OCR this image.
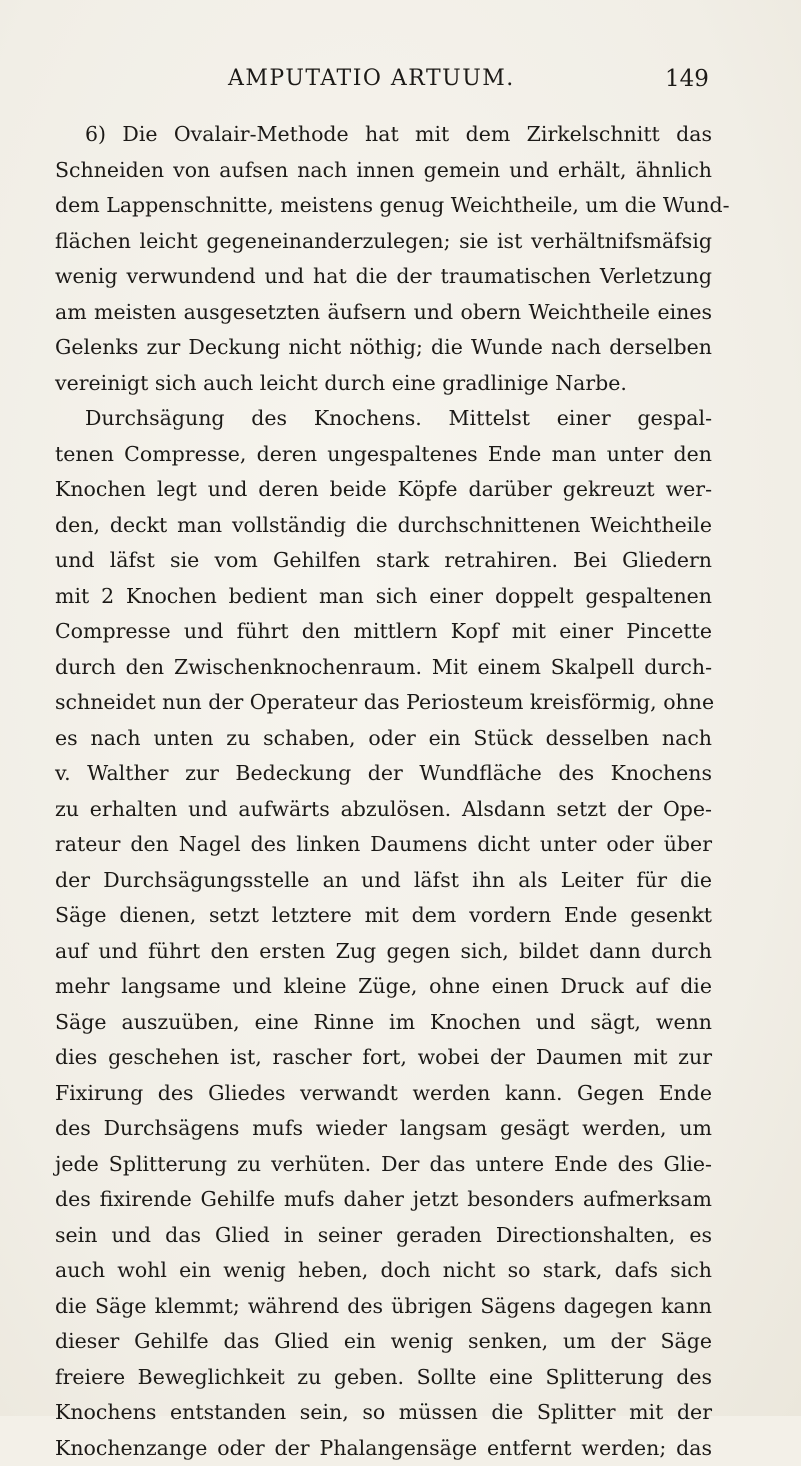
AMPUTATIO ARTUUM.	149
6) Die Ovalair-Methode hat mit dem Zirkelschnitt das
Schneiden von aufsen nach innen gemein und erhält, ähnlich
dem Lappenschnitte, meistens genug Weichtheile, um die Wund-
flächen leicht gegeneinanderzulegen; sie ist verhältnifsmäfsig
wenig verwundend und hat die der traumatischen Verletzung
am meisten ausgesetzten äufsern und obern Weichtheile eines
Gelenks zur Deckung nicht nöthig; die Wunde nach derselben
vereinigt sich auch leicht durch eine gradlinige Narbe.
Durchsägung des Knochens. Mittelst einer gespal-
tenen Compresse, deren ungespaltenes Ende man unter den
Knochen legt und deren beide Köpfe darüber gekreuzt wer-
den, deckt man vollständig die durchschnittenen Weichtheile
und läfst sie vom Gehilfen stark retrahiren. Bei Gliedern
mit 2 Knochen bedient man sich einer doppelt gespaltenen
Compresse und führt den mittlern Kopf mit einer Pincette
durch den Zwischenknochenraum. Mit einem Skalpell durch-
schneidet nun der Operateur das Periosteum kreisförmig, ohne
es nach unten zu schaben, oder ein Stück desselben nach
v. Walther zur Bedeckung der Wundfläche des Knochens
zu erhalten und aufwärts abzulösen. Alsdann setzt der Ope-
rateur den Nagel des linken Daumens dicht unter oder über
der Durchsägungsstelle an und läfst ihn als Leiter für die
Säge dienen, setzt letztere mit dem vordern Ende gesenkt
auf und führt den ersten Zug gegen sich, bildet dann durch
mehr langsame und kleine Züge, ohne einen Druck auf die
Säge auszuüben, eine Rinne im Knochen und sägt, wenn
dies geschehen ist, rascher fort, wobei der Daumen mit zur
Fixirung des Gliedes verwandt werden kann. Gegen Ende
des Durchsägens mufs wieder langsam gesägt werden, um
jede Splitterung zu verhüten. Der das untere Ende des Glie-
des fixirende Gehilfe mufs daher jetzt besonders aufmerksam
sein und das Glied in seiner geraden Directionshalten, es
auch wohl ein wenig heben, doch nicht so stark, dafs sich
die Säge klemmt; während des übrigen Sägens dagegen kann
dieser Gehilfe das Glied ein wenig senken, um der Säge
freiere Beweglichkeit zu geben. Sollte eine Splitterung des
Knochens entstanden sein, so müssen die Splitter mit der
Knochenzange oder der Phalangensäge entfernt werden; das
